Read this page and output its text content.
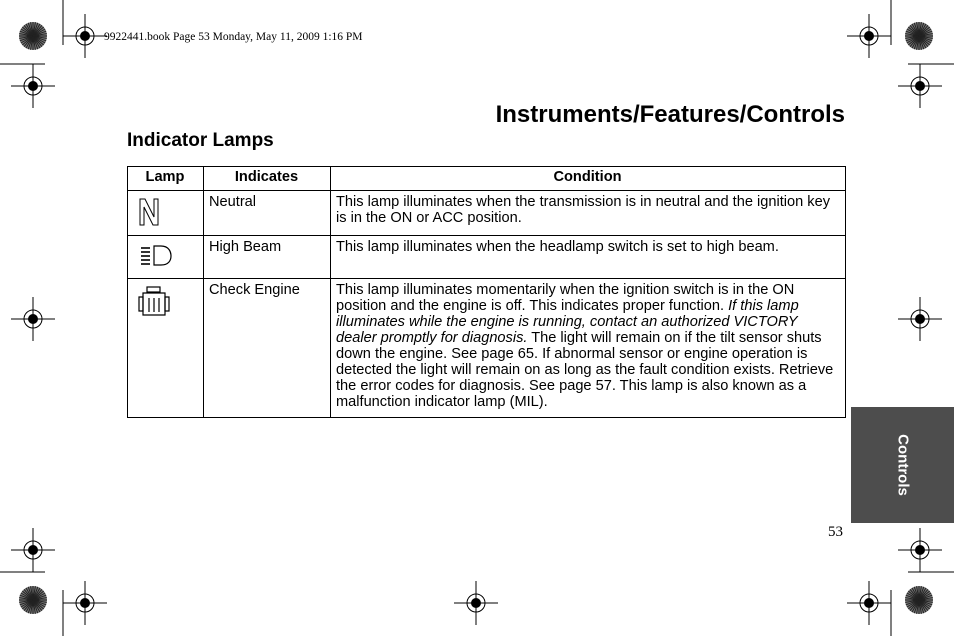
9922441.book Page 53 Monday, May 11, 2009 1:16 PM
Instruments/Features/Controls
Indicator Lamps
Lamp	Indicates	Condition
	Neutral	This lamp illuminates when the transmission is in neutral and the ignition key is in the ON or ACC position.
	High Beam	This lamp illuminates when the headlamp switch is set to high beam.
	Check Engine	This lamp illuminates momentarily when the ignition switch is in the ON position and the engine is off. This indicates proper function. If this lamp illuminates while the engine is running, contact an authorized VICTORY dealer promptly for diagnosis. The light will remain on if the tilt sensor shuts down the engine. See page 65. If abnormal sensor or engine operation is detected the light will remain on as long as the fault condition exists. Retrieve the error codes for diagnosis. See page 57. This lamp is also known as a malfunction indicator lamp (MIL).
Controls
53
